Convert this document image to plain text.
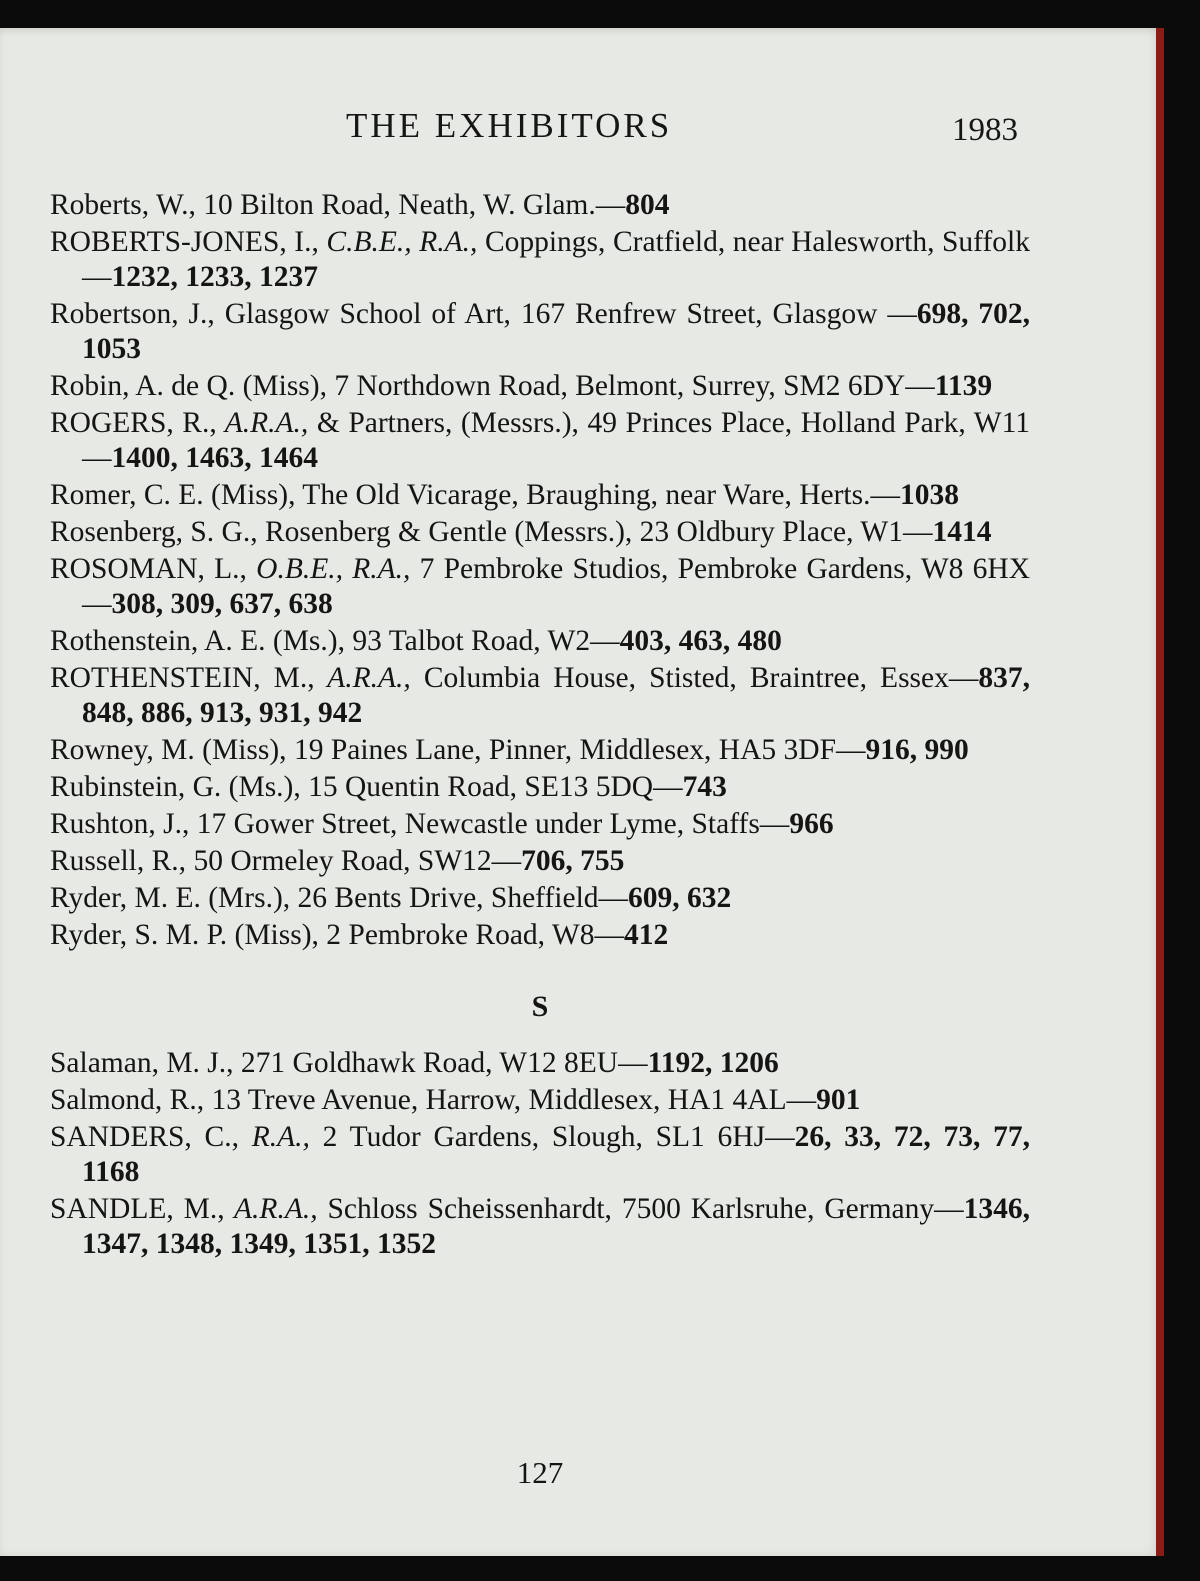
THE EXHIBITORS	1983
Roberts, W., 10 Bilton Road, Neath, W. Glam.—804
ROBERTS-JONES, I., C.B.E., R.A., Coppings, Cratfield, near Halesworth, Suffolk—1232, 1233, 1237
Robertson, J., Glasgow School of Art, 167 Renfrew Street, Glasgow —698, 702, 1053
Robin, A. de Q. (Miss), 7 Northdown Road, Belmont, Surrey, SM2 6DY—1139
ROGERS, R., A.R.A., & Partners, (Messrs.), 49 Princes Place, Holland Park, W11—1400, 1463, 1464
Romer, C. E. (Miss), The Old Vicarage, Braughing, near Ware, Herts.—1038
Rosenberg, S. G., Rosenberg & Gentle (Messrs.), 23 Oldbury Place, W1—1414
ROSOMAN, L., O.B.E., R.A., 7 Pembroke Studios, Pembroke Gardens, W8 6HX—308, 309, 637, 638
Rothenstein, A. E. (Ms.), 93 Talbot Road, W2—403, 463, 480
ROTHENSTEIN, M., A.R.A., Columbia House, Stisted, Braintree, Essex—837, 848, 886, 913, 931, 942
Rowney, M. (Miss), 19 Paines Lane, Pinner, Middlesex, HA5 3DF—916, 990
Rubinstein, G. (Ms.), 15 Quentin Road, SE13 5DQ—743
Rushton, J., 17 Gower Street, Newcastle under Lyme, Staffs—966
Russell, R., 50 Ormeley Road, SW12—706, 755
Ryder, M. E. (Mrs.), 26 Bents Drive, Sheffield—609, 632
Ryder, S. M. P. (Miss), 2 Pembroke Road, W8—412
S
Salaman, M. J., 271 Goldhawk Road, W12 8EU—1192, 1206
Salmond, R., 13 Treve Avenue, Harrow, Middlesex, HA1 4AL—901
SANDERS, C., R.A., 2 Tudor Gardens, Slough, SL1 6HJ—26, 33, 72, 73, 77, 1168
SANDLE, M., A.R.A., Schloss Scheissenhardt, 7500 Karlsruhe, Germany—1346, 1347, 1348, 1349, 1351, 1352
127
